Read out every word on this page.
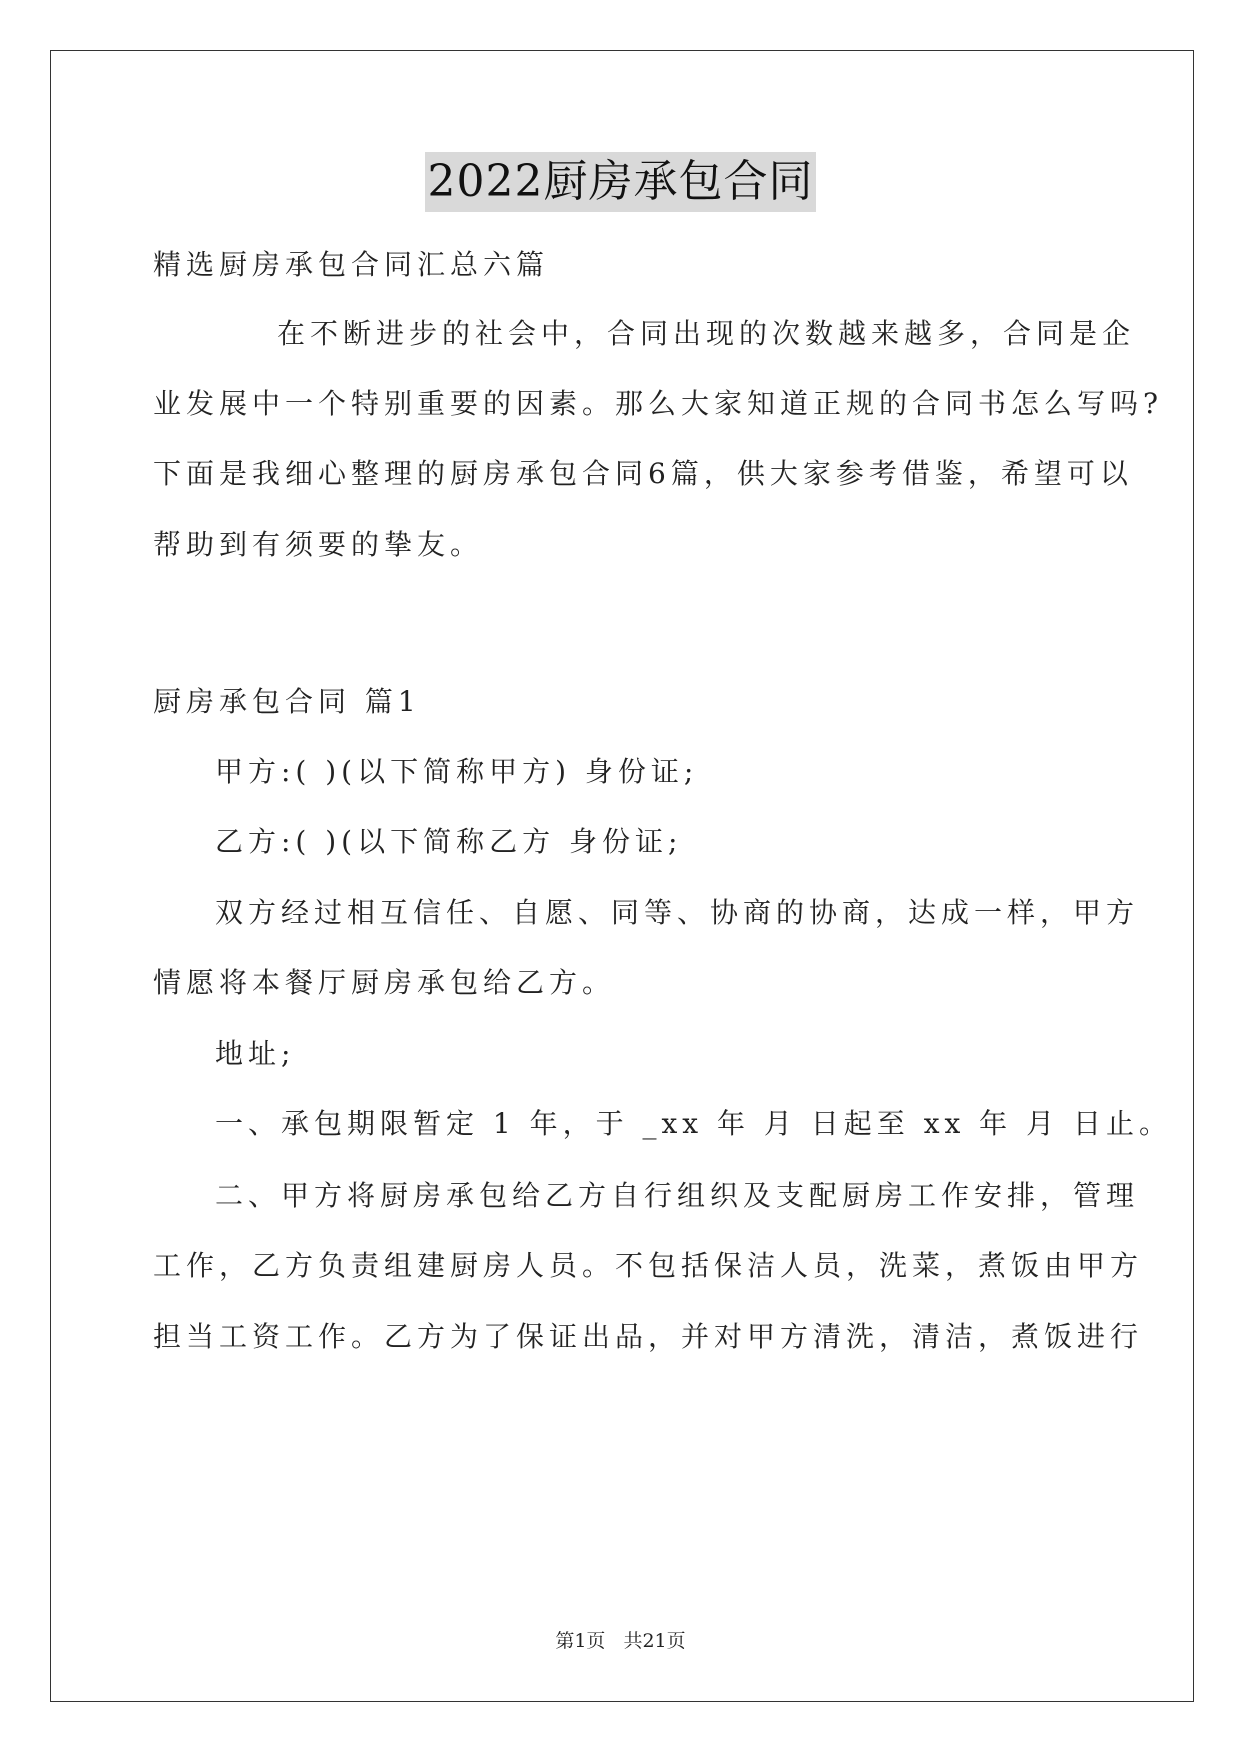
2022厨房承包合同
精选厨房承包合同汇总六篇
在不断进步的社会中，合同出现的次数越来越多，合同是企
业发展中一个特别重要的因素。那么大家知道正规的合同书怎么写吗?
下面是我细心整理的厨房承包合同6篇，供大家参考借鉴，希望可以
帮助到有须要的挚友。
厨房承包合同 篇1
甲方:( )(以下简称甲方) 身份证;
乙方:( )(以下简称乙方 身份证;
双方经过相互信任、自愿、同等、协商的协商，达成一样，甲方
情愿将本餐厅厨房承包给乙方。
地址;
一、承包期限暂定 1 年，于 _xx 年 月 日起至 xx 年 月 日止。
二、甲方将厨房承包给乙方自行组织及支配厨房工作安排，管理
工作，乙方负责组建厨房人员。不包括保洁人员，洗菜，煮饭由甲方
担当工资工作。乙方为了保证出品，并对甲方清洗，清洁，煮饭进行
第1页 共21页
